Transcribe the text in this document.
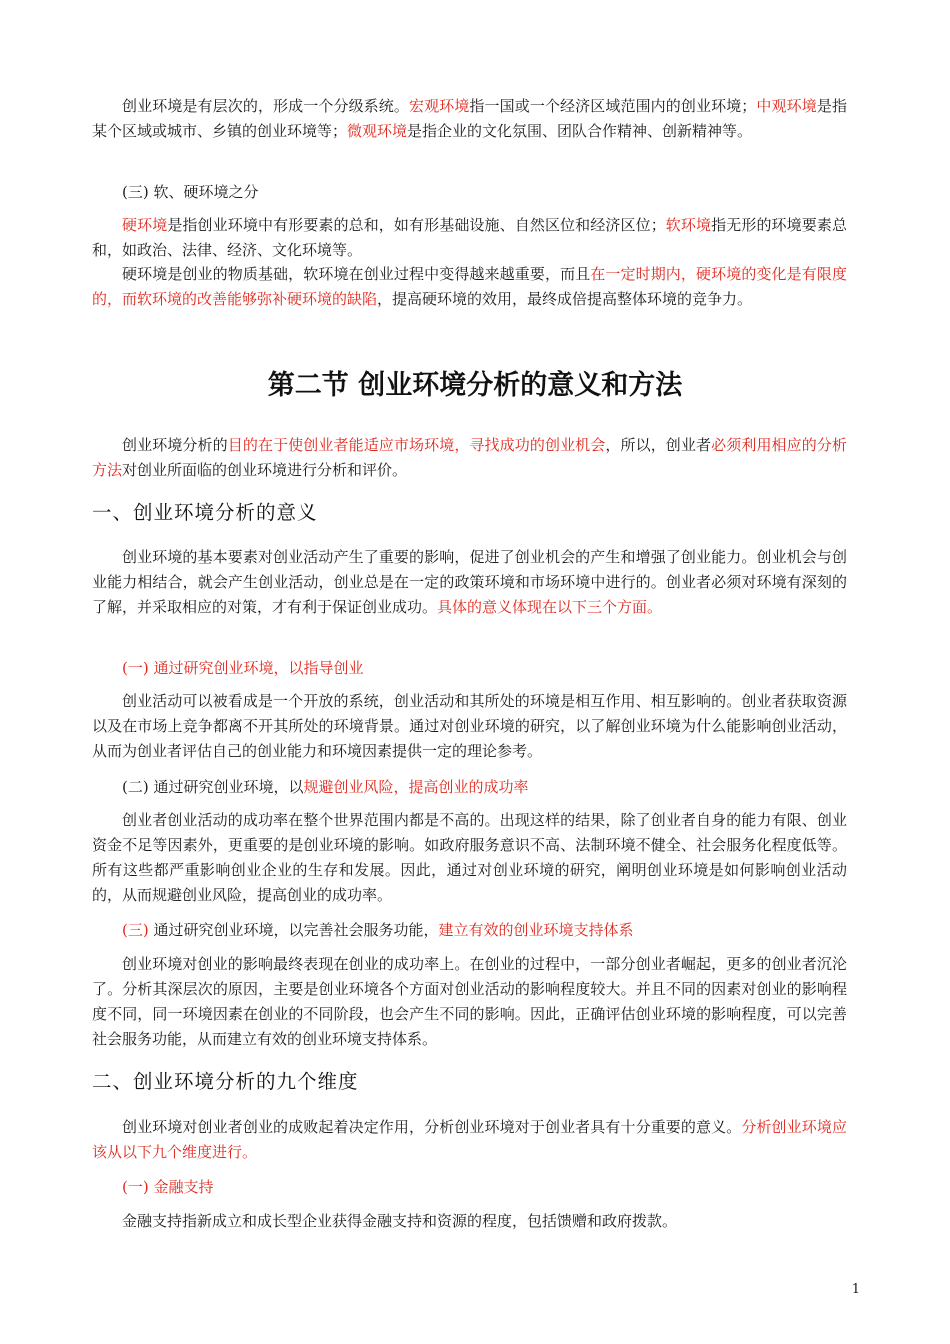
创业环境是有层次的，形成一个分级系统。宏观环境指一国或一个经济区域范围内的创业环境；中观环境是指某个区域或城市、乡镇的创业环境等；微观环境是指企业的文化氛围、团队合作精神、创新精神等。

(三) 软、硬环境之分

硬环境是指创业环境中有形要素的总和，如有形基础设施、自然区位和经济区位；软环境指无形的环境要素总和，如政治、法律、经济、文化环境等。

硬环境是创业的物质基础，软环境在创业过程中变得越来越重要，而且在一定时期内，硬环境的变化是有限度的，而软环境的改善能够弥补硬环境的缺陷，提高硬环境的效用，最终成倍提高整体环境的竞争力。

第二节 创业环境分析的意义和方法

创业环境分析的目的在于使创业者能适应市场环境，寻找成功的创业机会，所以，创业者必须利用相应的分析方法对创业所面临的创业环境进行分析和评价。

一、创业环境分析的意义

创业环境的基本要素对创业活动产生了重要的影响，促进了创业机会的产生和增强了创业能力。创业机会与创业能力相结合，就会产生创业活动，创业总是在一定的政策环境和市场环境中进行的。创业者必须对环境有深刻的了解，并采取相应的对策，才有利于保证创业成功。具体的意义体现在以下三个方面。

(一) 通过研究创业环境，以指导创业

创业活动可以被看成是一个开放的系统，创业活动和其所处的环境是相互作用、相互影响的。创业者获取资源以及在市场上竞争都离不开其所处的环境背景。通过对创业环境的研究，以了解创业环境为什么能影响创业活动，从而为创业者评估自己的创业能力和环境因素提供一定的理论参考。

(二) 通过研究创业环境，以规避创业风险，提高创业的成功率

创业者创业活动的成功率在整个世界范围内都是不高的。出现这样的结果，除了创业者自身的能力有限、创业资金不足等因素外，更重要的是创业环境的影响。如政府服务意识不高、法制环境不健全、社会服务化程度低等。所有这些都严重影响创业企业的生存和发展。因此，通过对创业环境的研究，阐明创业环境是如何影响创业活动的，从而规避创业风险，提高创业的成功率。

(三) 通过研究创业环境，以完善社会服务功能，建立有效的创业环境支持体系

创业环境对创业的影响最终表现在创业的成功率上。在创业的过程中，一部分创业者崛起，更多的创业者沉沦了。分析其深层次的原因，主要是创业环境各个方面对创业活动的影响程度较大。并且不同的因素对创业的影响程度不同，同一环境因素在创业的不同阶段，也会产生不同的影响。因此，正确评估创业环境的影响程度，可以完善社会服务功能，从而建立有效的创业环境支持体系。

二、创业环境分析的九个维度

创业环境对创业者创业的成败起着决定作用，分析创业环境对于创业者具有十分重要的意义。分析创业环境应该从以下九个维度进行。

(一) 金融支持

金融支持指新成立和成长型企业获得金融支持和资源的程度，包括馈赠和政府拨款。

1
